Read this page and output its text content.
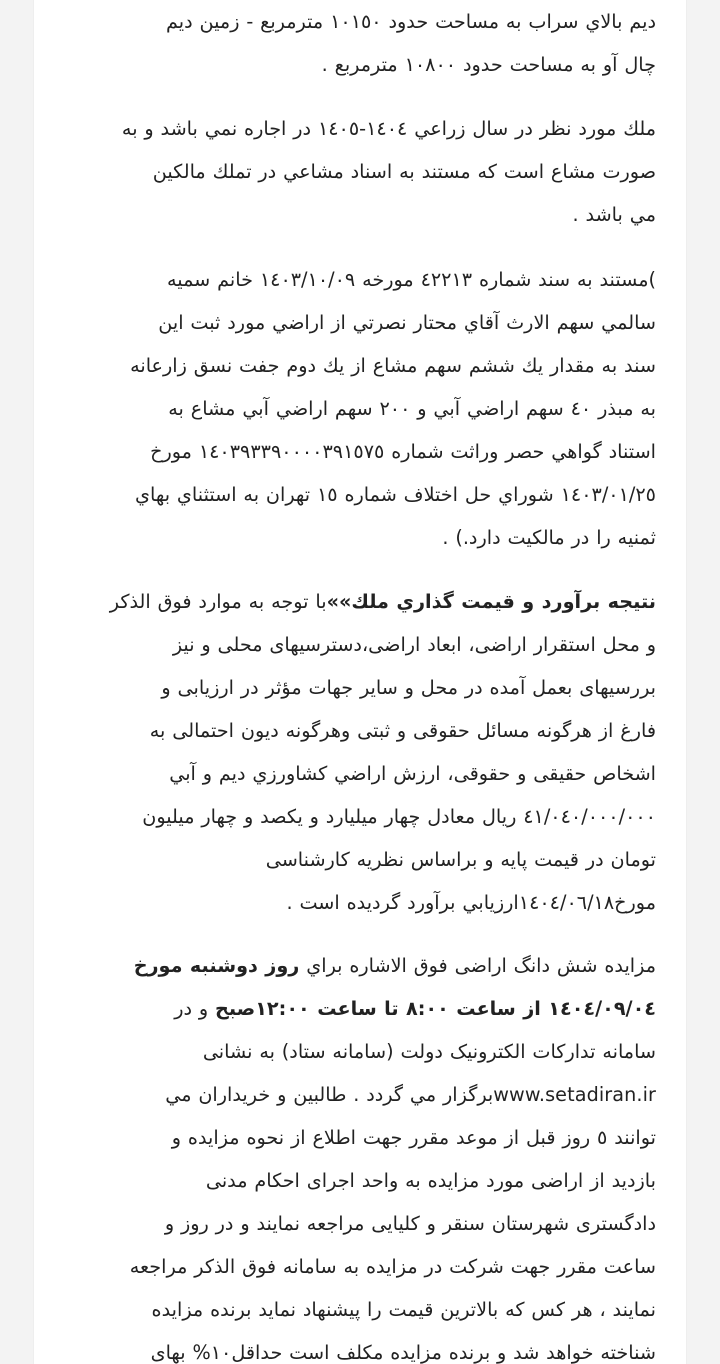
ديم بالاي سراب به مساحت حدود ١٠١٥٠ مترمربع - زمين ديم
چال آو به مساحت حدود ١٠٨٠٠ مترمربع .
ملك مورد نظر در سال زراعي ١٤٠٤-١٤٠٥ در اجاره نمي باشد و به
صورت مشاع است كه مستند به اسناد مشاعي در تملك مالكين
مي باشد .
)مستند به سند شماره ٤٢٢١٣ مورخه ١٤٠٣/١٠/٠٩ خانم سميه
سالمي سهم الارث آقاي محتار نصرتي از اراضي مورد ثبت اين
سند به مقدار يك ششم سهم مشاع از يك دوم جفت نسق زارعانه
به مبذر ٤٠ سهم اراضي آبي و ٢٠٠ سهم اراضي آبي مشاع به
استناد گواهي حصر وراثت شماره ١٤٠٣٩٣٣٩٠٠٠٠٣٩١٥٧٥ مورخ
١٤٠٣/٠١/٢٥ شوراي حل اختلاف شماره ١٥ تهران به استثناي بهاي
ثمنيه را در مالكيت دارد.) .
نتيجه برآورد و قيمت گذاري ملك»»با توجه به موارد فوق الذكر
و محل استقرار اراضی، ابعاد اراضی،دسترسیهای محلی و نیز
بررسیهای بعمل آمده در محل و سایر جهات مؤثر در ارزیابی و
فارغ از هرگونه مسائل حقوقی و ثبتی وهرگونه دیون احتمالی به
اشخاص حقیقی و حقوقی، ارزش اراضي كشاورزي ديم و آبي
٤١/٠٤٠/٠٠٠/٠٠٠ ريال معادل چهار ميليارد و يكصد و چهار ميليون
تومان در قیمت پایه و براساس نظریه کارشناسی
مورخ١٤٠٤/٠٦/١٨ارزيابي برآورد گرديده است .
مزایده شش دانگ اراضی فوق الاشاره براي روز دوشنبه مورخ
١٤٠٤/٠٩/٠٤ از ساعت ٨:٠٠ تا ساعت ١٢:٠٠صبح و در
سامانه تدارکات الکترونیک دولت (سامانه ستاد) به نشانی
www.setadiran.irبرگزار مي گردد . طالبين و خريداران مي
توانند ٥ روز قبل از موعد مقرر جهت اطلاع از نحوه مزایده و
بازدید از اراضی مورد مزایده به واحد اجرای احکام مدنی
دادگستری شهرستان سنقر و کلیایی مراجعه نمایند و در روز و
ساعت مقرر جهت شرکت در مزایده به سامانه فوق الذکر مراجعه
نمایند ، هر کس که بالاترین قیمت را پیشنهاد نماید برنده مزایده
شناخته خواهد شد و برنده مزایده مکلف است حداقل١٠% بهای
